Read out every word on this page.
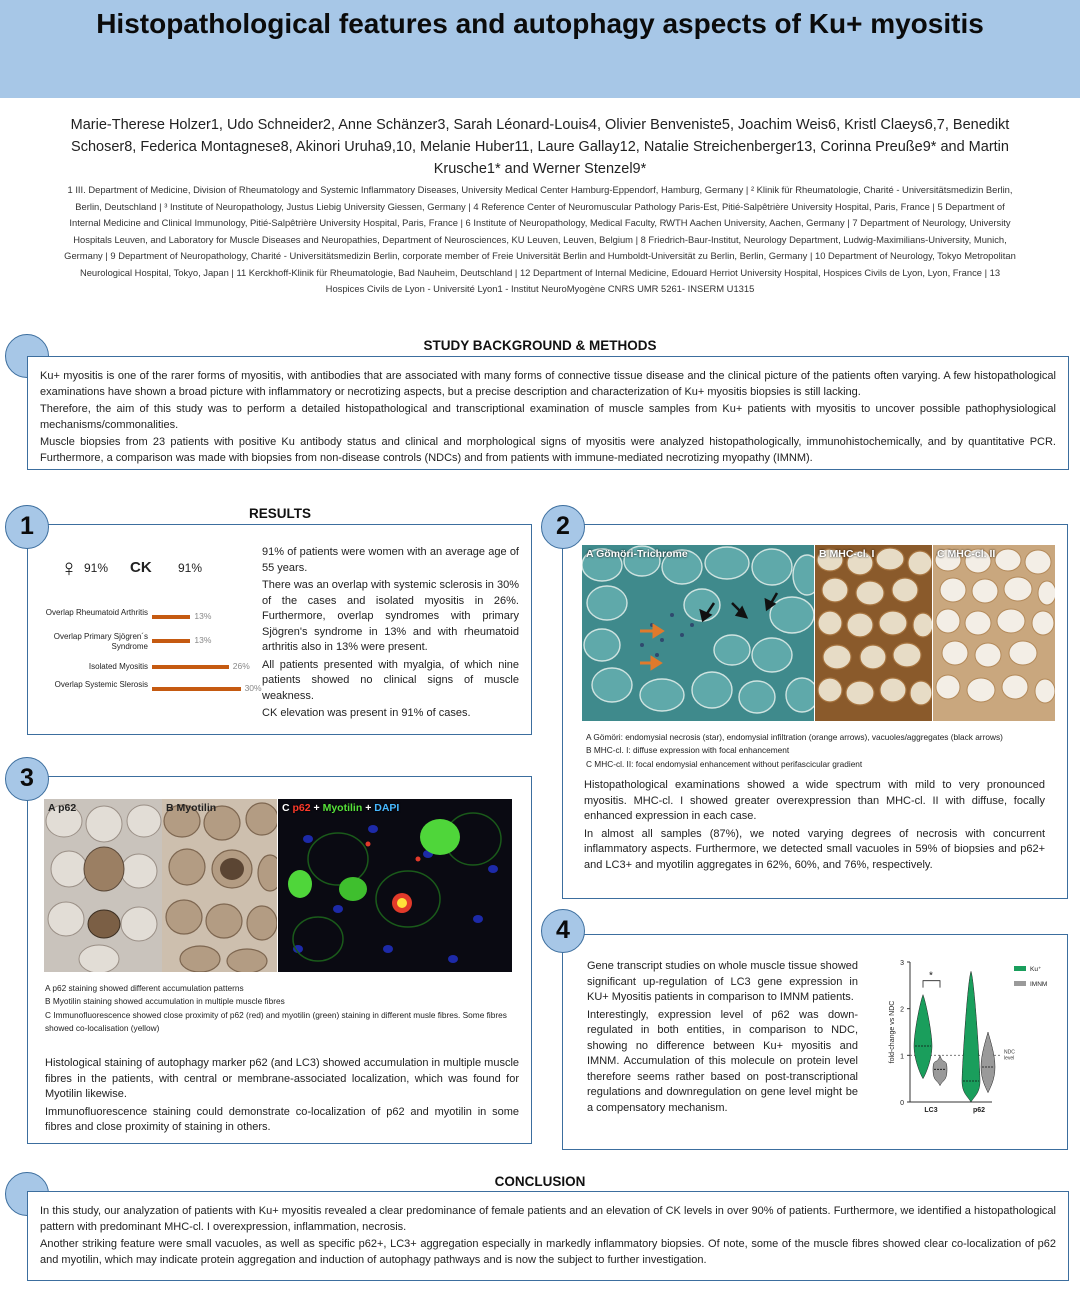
Histopathological features and autophagy aspects of Ku+ myositis
Marie-Therese Holzer1, Udo Schneider2, Anne Schänzer3, Sarah Léonard-Louis4, Olivier Benveniste5, Joachim Weis6, Kristl Claeys6,7, Benedikt Schoser8, Federica Montagnese8, Akinori Uruha9,10, Melanie Huber11, Laure Gallay12, Natalie Streichenberger13, Corinna Preuße9* and Martin Krusche1* and Werner Stenzel9*
1 III. Department of Medicine, Division of Rheumatology and Systemic Inflammatory Diseases, University Medical Center Hamburg-Eppendorf, Hamburg, Germany | ² Klinik für Rheumatologie, Charité - Universitätsmedizin Berlin, Berlin, Deutschland | ³ Institute of Neuropathology, Justus Liebig University Giessen, Germany | 4 Reference Center of Neuromuscular Pathology Paris-Est, Pitié-Salpêtrière University Hospital, Paris, France | 5 Department of Internal Medicine and Clinical Immunology, Pitié-Salpêtrière University Hospital, Paris, France | 6 Institute of Neuropathology, Medical Faculty, RWTH Aachen University, Aachen, Germany | 7 Department of Neurology, University Hospitals Leuven, and Laboratory for Muscle Diseases and Neuropathies, Department of Neurosciences, KU Leuven, Leuven, Belgium | 8 Friedrich-Baur-Institut, Neurology Department, Ludwig-Maximilians-University, Munich, Germany | 9 Department of Neuropathology, Charité - Universitätsmedizin Berlin, corporate member of Freie Universität Berlin and Humboldt-Universität zu Berlin, Berlin, Germany | 10 Department of Neurology, Tokyo Metropolitan Neurological Hospital, Tokyo, Japan | 11 Kerckhoff-Klinik für Rheumatologie, Bad Nauheim, Deutschland | 12 Department of Internal Medicine, Edouard Herriot University Hospital, Hospices Civils de Lyon, Lyon, France | 13 Hospices Civils de Lyon - Université Lyon1 - Institut NeuroMyogène CNRS UMR 5261- INSERM U1315
STUDY BACKGROUND & METHODS

Ku+ myositis is one of the rarer forms of myositis, with antibodies that are associated with many forms of connective tissue disease and the clinical picture of the patients often varying. A few histopathological examinations have shown a broad picture with inflammatory or necrotizing aspects, but a precise description and characterization of Ku+ myositis biopsies is still lacking.

Therefore, the aim of this study was to perform a detailed histopathological and transcriptional examination of muscle samples from Ku+ patients with myositis to uncover possible pathophysiological mechanisms/commonalities.

Muscle biopsies from 23 patients with positive Ku antibody status and clinical and morphological signs of myositis were analyzed histopathologically, immunohistochemically, and by quantitative PCR. Furthermore, a comparison was made with biopsies from non-disease controls (NDCs) and from patients with immune-mediated necrotizing myopathy (IMNM).

RESULTS
1
♀ 91% CK 91%
Overlap Rheumatoid Arthritis	13%
Overlap Primary Sjögren´s Syndrome
13%
Isolated Myositis	26%
Overlap Systemic Slerosis	30%

91% of patients were women with an average age of 55 years.

There was an overlap with systemic sclerosis in 30% of the cases and isolated myositis in 26%. Furthermore, overlap syndromes with primary Sjögren's syndrome in 13% and with rheumatoid arthritis also in 13% were present.

All patients presented with myalgia, of which nine patients showed no clinical signs of muscle weakness.

CK elevation was present in 91% of cases.

2
A Gömöri-Trichrome	B MHC-cl. I	C MHC-cl. II
A Gömöri: endomysial necrosis (star), endomysial infiltration (orange arrows), vacuoles/aggregates (black arrows)
B MHC-cl. I: diffuse expression with focal enhancement
C MHC-cl. II: focal endomysial enhancement without perifascicular gradient

Histopathological examinations showed a wide spectrum with mild to very pronounced myositis. MHC-cl. I showed greater overexpression than MHC-cl. II with diffuse, focally enhanced expression in each case.

In almost all samples (87%), we noted varying degrees of necrosis with concurrent inflammatory aspects. Furthermore, we detected small vacuoles in 59% of biopsies and p62+ and LC3+ and myotilin aggregates in 62%, 60%, and 76%, respectively.

3
A p62	B Myotilin	C p62 + Myotilin + DAPI
A p62 staining showed different accumulation patterns
B Myotilin staining showed accumulation in multiple muscle fibres
C Immunofluorescence showed close proximity of p62 (red) and myotilin (green) staining in different musle fibres. Some fibres showed co-localisation (yellow)

Histological staining of autophagy marker p62 (and LC3) showed accumulation in multiple muscle fibres in the patients, with central or membrane-associated localization, which was found for Myotilin likewise.

Immunofluorescence staining could demonstrate co-localization of p62 and myotilin in some fibres and close proximity of staining in others.

4

Gene transcript studies on whole muscle tissue showed significant up-regulation of LC3 gene expression in KU+ Myositis patients in comparison to IMNM patients.

Interestingly, expression level of p62 was down-regulated in both entities, in comparison to NDC, showing no difference between Ku+ myositis and IMNM. Accumulation of this molecule on protein level therefore seems rather based on post-transcriptional regulations and downregulation on gene level might be a compensatory mechanism.	0
1
2
3
fold-change vs NDC	NDC
level
LC3	p62
*
Ku⁺
IMNM
CONCLUSION

In this study, our analyzation of patients with Ku+ myositis revealed a clear predominance of female patients and an elevation of CK levels in over 90% of patients. Furthermore, we identified a histopathological pattern with predominant MHC-cl. I overexpression, inflammation, necrosis.

Another striking feature were small vacuoles, as well as specific p62+, LC3+ aggregation especially in markedly inflammatory biopsies. Of note, some of the muscle fibres showed clear co-localization of p62 and myotilin, which may indicate protein aggregation and induction of autophagy pathways and is now the subject to further investigation.
